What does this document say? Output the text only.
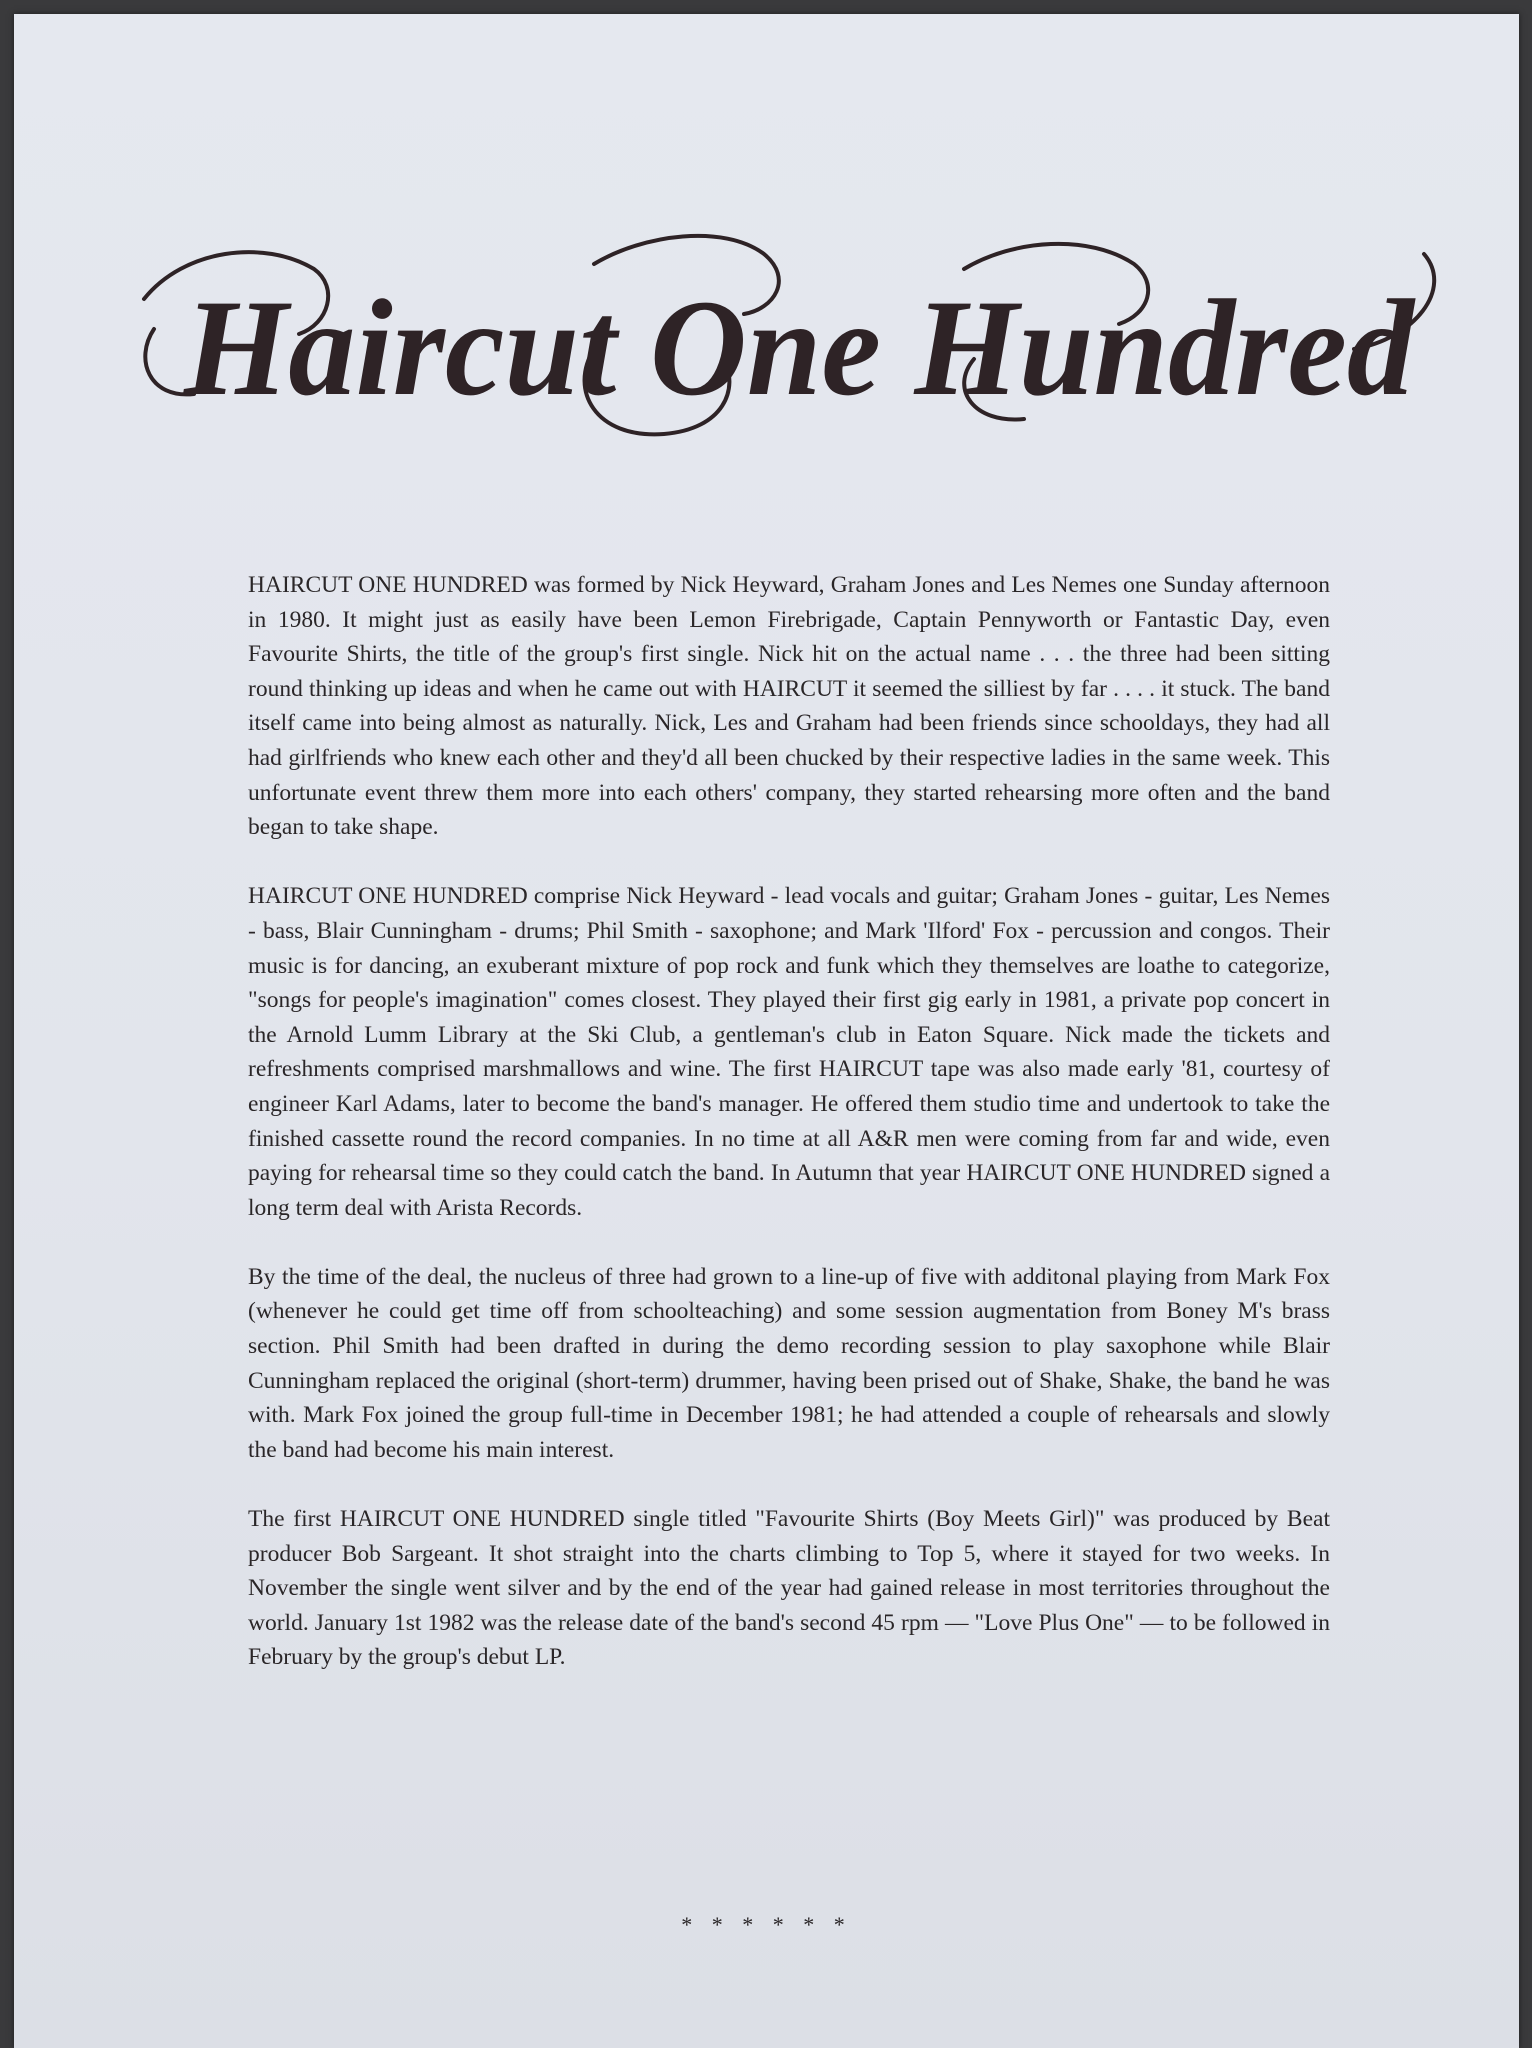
Haircut One Hundred

HAIRCUT ONE HUNDRED was formed by Nick Heyward, Graham Jones and Les Nemes one Sunday afternoon in 1980. It might just as easily have been Lemon Firebrigade, Captain Pennyworth or Fantastic Day, even Favourite Shirts, the title of the group's first single. Nick hit on the actual name . . . the three had been sitting round thinking up ideas and when he came out with HAIRCUT it seemed the silliest by far . . . . it stuck. The band itself came into being almost as naturally. Nick, Les and Graham had been friends since schooldays, they had all had girlfriends who knew each other and they'd all been chucked by their respective ladies in the same week. This unfortunate event threw them more into each others' company, they started rehearsing more often and the band began to take shape.

HAIRCUT ONE HUNDRED comprise Nick Heyward - lead vocals and guitar; Graham Jones - guitar, Les Nemes - bass, Blair Cunningham - drums; Phil Smith - saxophone; and Mark 'Ilford' Fox - percussion and congos. Their music is for dancing, an exuberant mixture of pop rock and funk which they themselves are loathe to categorize, "songs for people's imagination" comes closest. They played their first gig early in 1981, a private pop concert in the Arnold Lumm Library at the Ski Club, a gentleman's club in Eaton Square. Nick made the tickets and refreshments comprised marshmallows and wine. The first HAIRCUT tape was also made early '81, courtesy of engineer Karl Adams, later to become the band's manager. He offered them studio time and undertook to take the finished cassette round the record companies. In no time at all A&R men were coming from far and wide, even paying for rehearsal time so they could catch the band. In Autumn that year HAIRCUT ONE HUNDRED signed a long term deal with Arista Records.

By the time of the deal, the nucleus of three had grown to a line-up of five with additonal playing from Mark Fox (whenever he could get time off from schoolteaching) and some session augmentation from Boney M's brass section. Phil Smith had been drafted in during the demo recording session to play saxophone while Blair Cunningham replaced the original (short-term) drummer, having been prised out of Shake, Shake, the band he was with. Mark Fox joined the group full-time in December 1981; he had attended a couple of rehearsals and slowly the band had become his main interest.

The first HAIRCUT ONE HUNDRED single titled "Favourite Shirts (Boy Meets Girl)" was produced by Beat producer Bob Sargeant. It shot straight into the charts climbing to Top 5, where it stayed for two weeks. In November the single went silver and by the end of the year had gained release in most territories throughout the world. January 1st 1982 was the release date of the band's second 45 rpm — "Love Plus One" — to be followed in February by the group's debut LP.

* * * * * *
